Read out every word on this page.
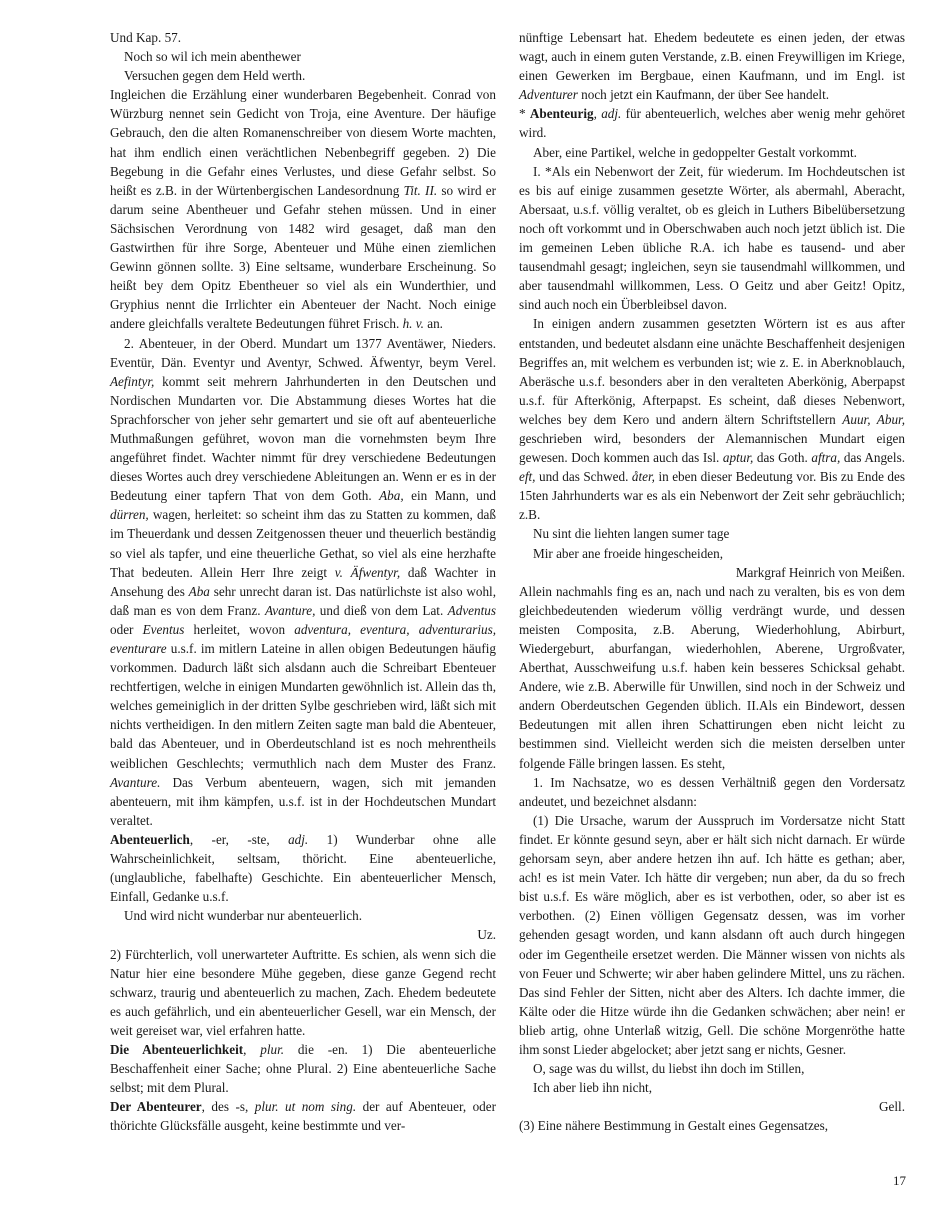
Und Kap. 57.

Noch so wil ich mein abenthewer

Versuchen gegen dem Held werth.

Ingleichen die Erzählung einer wunderbaren Begebenheit. Conrad von Würzburg nennet sein Gedicht von Troja, eine Aventure. Der häufige Gebrauch, den die alten Romanenschreiber von diesem Worte machten, hat ihm endlich einen verächtlichen Nebenbegriff gegeben. 2) Die Begebung in die Gefahr eines Verlustes, und diese Gefahr selbst. So heißt es z.B. in der Würtenbergischen Landesordnung Tit. II. so wird er darum seine Abentheuer und Gefahr stehen müssen. Und in einer Sächsischen Verordnung von 1482 wird gesaget, daß man den Gastwirthen für ihre Sorge, Abenteuer und Mühe einen ziemlichen Gewinn gönnen sollte. 3) Eine seltsame, wunderbare Erscheinung. So heißt bey dem Opitz Ebentheuer so viel als ein Wunderthier, und Gryphius nennt die Irrlichter ein Abenteuer der Nacht. Noch einige andere gleichfalls veraltete Bedeutungen führet Frisch. h. v. an.

2. Abenteuer, in der Oberd. Mundart um 1377 Aventäwer, Nieders. Eventür, Dän. Eventyr und Aventyr, Schwed. Äfwentyr, beym Verel. Aefintyr, kommt seit mehrern Jahrhunderten in den Deutschen und Nordischen Mundarten vor. Die Abstammung dieses Wortes hat die Sprachforscher von jeher sehr gemartert und sie oft auf abenteuerliche Muthmaßungen geführet, wovon man die vornehmsten beym Ihre angeführet findet. Wachter nimmt für drey verschiedene Bedeutungen dieses Wortes auch drey verschiedene Ableitungen an. Wenn er es in der Bedeutung einer tapfern That von dem Goth. Aba, ein Mann, und dürren, wagen, herleitet: so scheint ihm das zu Statten zu kommen, daß im Theuerdank und dessen Zeitgenossen theuer und theuerlich beständig so viel als tapfer, und eine theuerliche Gethat, so viel als eine herzhafte That bedeuten. Allein Herr Ihre zeigt v. Äfwentyr, daß Wachter in Ansehung des Aba sehr unrecht daran ist. Das natürlichste ist also wohl, daß man es von dem Franz. Avanture, und dieß von dem Lat. Adventus oder Eventus herleitet, wovon adventura, eventura, adventurarius, eventurare u.s.f. im mitlern Lateine in allen obigen Bedeutungen häufig vorkommen. Dadurch läßt sich alsdann auch die Schreibart Ebenteuer rechtfertigen, welche in einigen Mundarten gewöhnlich ist. Allein das th, welches gemeiniglich in der dritten Sylbe geschrieben wird, läßt sich mit nichts vertheidigen. In den mitlern Zeiten sagte man bald die Abenteuer, bald das Abenteuer, und in Oberdeutschland ist es noch mehrentheils weiblichen Geschlechts; vermuthlich nach dem Muster des Franz. Avanture. Das Verbum abenteuern, wagen, sich mit jemanden abenteuern, mit ihm kämpfen, u.s.f. ist in der Hochdeutschen Mundart veraltet.

Abenteuerlich, -er, -ste, adj. 1) Wunderbar ohne alle Wahrscheinlichkeit, seltsam, thöricht. Eine abenteuerliche, (unglaubliche, fabelhafte) Geschichte. Ein abenteuerlicher Mensch, Einfall, Gedanke u.s.f.

Und wird nicht wunderbar nur abenteuerlich.

Uz.

2) Fürchterlich, voll unerwarteter Auftritte. Es schien, als wenn sich die Natur hier eine besondere Mühe gegeben, diese ganze Gegend recht schwarz, traurig und abenteuerlich zu machen, Zach. Ehedem bedeutete es auch gefährlich, und ein abenteuerlicher Gesell, war ein Mensch, der weit gereiset war, viel erfahren hatte.

Die Abenteuerlichkeit, plur. die -en. 1) Die abenteuerliche Beschaffenheit einer Sache; ohne Plural. 2) Eine abenteuerliche Sache selbst; mit dem Plural.

Der Abenteurer, des -s, plur. ut nom sing. der auf Abenteuer, oder thörichte Glücksfälle ausgeht, keine bestimmte und ver-

nünftige Lebensart hat. Ehedem bedeutete es einen jeden, der etwas wagt, auch in einem guten Verstande, z.B. einen Freywilligen im Kriege, einen Gewerken im Bergbaue, einen Kaufmann, und im Engl. ist Adventurer noch jetzt ein Kaufmann, der über See handelt.

* Abenteurig, adj. für abenteuerlich, welches aber wenig mehr gehöret wird.

Aber, eine Partikel, welche in gedoppelter Gestalt vorkommt.

I. *Als ein Nebenwort der Zeit, für wiederum. Im Hochdeutschen ist es bis auf einige zusammen gesetzte Wörter, als abermahl, Aberacht, Abersaat, u.s.f. völlig veraltet, ob es gleich in Luthers Bibelübersetzung noch oft vorkommt und in Oberschwaben auch noch jetzt üblich ist. Die im gemeinen Leben übliche R.A. ich habe es tausend- und aber tausendmahl gesagt; ingleichen, seyn sie tausendmahl willkommen, und aber tausendmahl willkommen, Less. O Geitz und aber Geitz! Opitz, sind auch noch ein Überbleibsel davon.

In einigen andern zusammen gesetzten Wörtern ist es aus after entstanden, und bedeutet alsdann eine unächte Beschaffenheit desjenigen Begriffes an, mit welchem es verbunden ist; wie z. E. in Aberknoblauch, Aberäsche u.s.f. besonders aber in den veralteten Aberkönig, Aberpapst u.s.f. für Afterkönig, Afterpapst. Es scheint, daß dieses Nebenwort, welches bey dem Kero und andern ältern Schriftstellern Auur, Abur, geschrieben wird, besonders der Alemannischen Mundart eigen gewesen. Doch kommen auch das Isl. aptur, das Goth. aftra, das Angels. eft, und das Schwed. åter, in eben dieser Bedeutung vor. Bis zu Ende des 15ten Jahrhunderts war es als ein Nebenwort der Zeit sehr gebräuchlich; z.B.

Nu sint die liehten langen sumer tage

Mir aber ane froeide hingescheiden,

Markgraf Heinrich von Meißen.

Allein nachmahls fing es an, nach und nach zu veralten, bis es von dem gleichbedeutenden wiederum völlig verdrängt wurde, und dessen meisten Composita, z.B. Aberung, Wiederhohlung, Abirburt, Wiedergeburt, aburfangan, wiederhohlen, Aberene, Urgroßvater, Aberthat, Ausschweifung u.s.f. haben kein besseres Schicksal gehabt. Andere, wie z.B. Aberwille für Unwillen, sind noch in der Schweiz und andern Oberdeutschen Gegenden üblich. II.Als ein Bindewort, dessen Bedeutungen mit allen ihren Schattirungen eben nicht leicht zu bestimmen sind. Vielleicht werden sich die meisten derselben unter folgende Fälle bringen lassen. Es steht,

1. Im Nachsatze, wo es dessen Verhältniß gegen den Vordersatz andeutet, und bezeichnet alsdann:

(1) Die Ursache, warum der Ausspruch im Vordersatze nicht Statt findet. Er könnte gesund seyn, aber er hält sich nicht darnach. Er würde gehorsam seyn, aber andere hetzen ihn auf. Ich hätte es gethan; aber, ach! es ist mein Vater. Ich hätte dir vergeben; nun aber, da du so frech bist u.s.f. Es wäre möglich, aber es ist verbothen, oder, so aber ist es verbothen. (2) Einen völligen Gegensatz dessen, was im vorher gehenden gesagt worden, und kann alsdann oft auch durch hingegen oder im Gegentheile ersetzet werden. Die Männer wissen von nichts als von Feuer und Schwerte; wir aber haben gelindere Mittel, uns zu rächen. Das sind Fehler der Sitten, nicht aber des Alters. Ich dachte immer, die Kälte oder die Hitze würde ihn die Gedanken schwächen; aber nein! er blieb artig, ohne Unterlaß witzig, Gell. Die schöne Morgenröthe hatte ihm sonst Lieder abgelocket; aber jetzt sang er nichts, Gesner.

O, sage was du willst, du liebst ihn doch im Stillen,

Ich aber lieb ihn nicht,

Gell.

(3) Eine nähere Bestimmung in Gestalt eines Gegensatzes,

17
